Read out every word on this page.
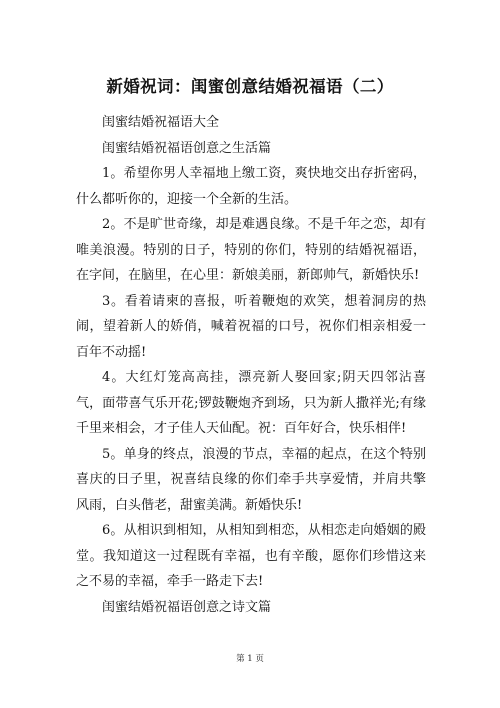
新婚祝词：闺蜜创意结婚祝福语（二）

闺蜜结婚祝福语大全

闺蜜结婚祝福语创意之生活篇

1。希望你男人幸福地上缴工资，爽快地交出存折密码，什么都听你的，迎接一个全新的生活。

2。不是旷世奇缘，却是难遇良缘。不是千年之恋，却有唯美浪漫。特别的日子，特别的你们，特别的结婚祝福语，在字间，在脑里，在心里：新娘美丽，新郎帅气，新婚快乐!

3。看着请柬的喜报，听着鞭炮的欢笑，想着洞房的热闹，望着新人的娇俏，喊着祝福的口号，祝你们相亲相爱一百年不动摇!

4。大红灯笼高高挂，漂亮新人娶回家;阴天四邻沾喜气，面带喜气乐开花;锣鼓鞭炮齐到场，只为新人撒祥光;有缘千里来相会，才子佳人天仙配。祝：百年好合，快乐相伴!

5。单身的终点，浪漫的节点，幸福的起点，在这个特别喜庆的日子里，祝喜结良缘的你们牵手共享爱情，并肩共擎风雨，白头偕老，甜蜜美满。新婚快乐!

6。从相识到相知，从相知到相恋，从相恋走向婚姻的殿堂。我知道这一过程既有幸福，也有辛酸，愿你们珍惜这来之不易的幸福，牵手一路走下去!

闺蜜结婚祝福语创意之诗文篇

第 1 页
